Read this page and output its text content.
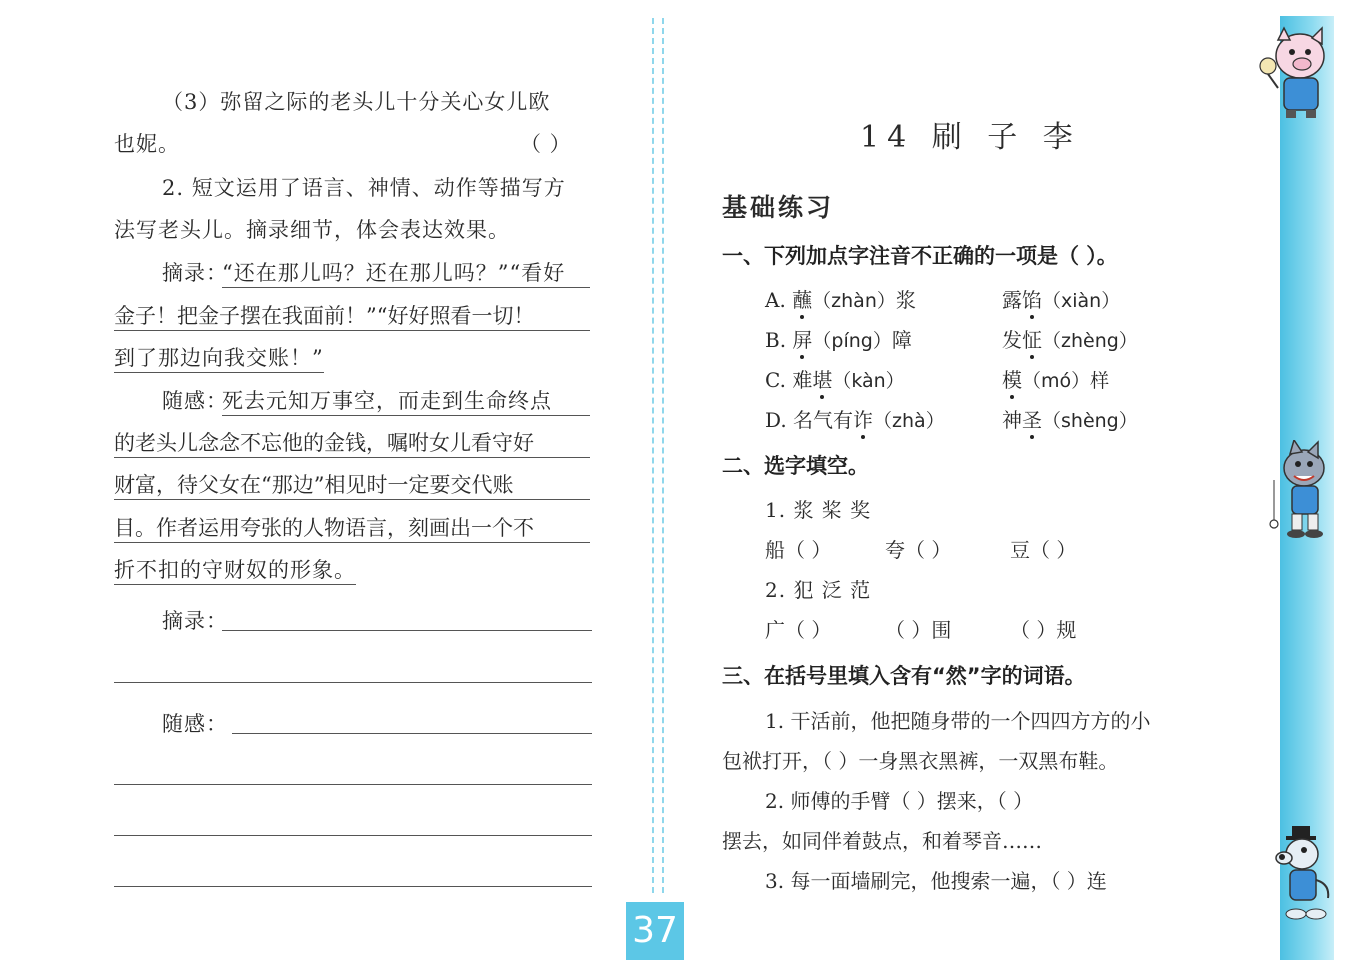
（3）弥留之际的老头儿十分关心女儿欧
也妮。	（ ）
2. 短文运用了语言、神情、动作等描写方
法写老头儿。摘录细节，体会表达效果。
摘录：
“还在那儿吗？还在那儿吗？”“看好
金子！把金子摆在我面前！”“好好照看一切！
到了那边向我交账！”
随感：
死去元知万事空，而走到生命终点
的老头儿念念不忘他的金钱，嘱咐女儿看守好
财富，待父女在“那边”相见时一定要交代账
目。作者运用夸张的人物语言，刻画出一个不
折不扣的守财奴的形象。
摘录：
随感：
37
14 刷 子 李
基础练习
一、下列加点字注音不正确的一项是（ ）。
A. 蘸（zhàn）浆	露馅（xiàn）
B. 屏（píng）障	发怔（zhèng）
C. 难堪（kàn）	模（mó）样
D. 名气有诈（zhà）	神圣（shèng）
二、选字填空。
1. 浆 桨 奖
船（ ）	夸（ ）	豆（ ）
2. 犯 泛 范
广（ ）	（ ）围	（ ）规
三、在括号里填入含有“然”字的词语。
1. 干活前，他把随身带的一个四四方方的小
包袱打开，（ ）一身黑衣黑裤，一双黑布鞋。
2. 师傅的手臂（ ）摆来，（ ）
摆去，如同伴着鼓点，和着琴音……
3. 每一面墙刷完，他搜索一遍，（ ）连
